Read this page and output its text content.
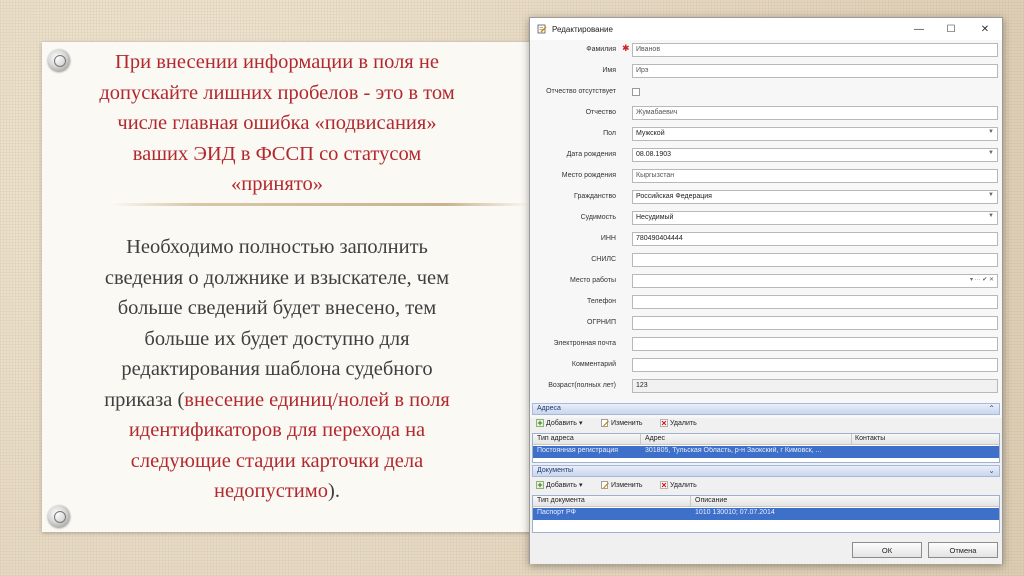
При внесении информации в поля не
допускайте лишних пробелов - это в том
числе главная ошибка «подвисания»
ваших ЭИД в ФССП со статусом
«принято»
Необходимо полностью заполнить
сведения о должнике и взыскателе, чем
больше сведений будет внесено, тем
больше их будет доступно для
редактирования шаблона судебного
приказа (внесение единиц/нолей в поля
идентификаторов для перехода на
следующие стадии карточки дела
недопустимо).
Редактирование	—	☐	✕
Фамилия ✱ Иванов
Имя	Ирэ
Отчество отсутствует
Отчество	Жумабаевич
Пол	Мужской	▼
Дата рождения	08.08.1903	▼
Место рождения	Кыргызстан
Гражданство	Российская Федерация	▼
Судимость	Несудимый	▼
ИНН	780490404444
СНИЛС
Место работы	▾ ··· ✔ ✕
Телефон
ОГРНИП
Электронная почта
Комментарий
Возраст(полных лет)	123
Адреса	⌃
Добавить ▾	Изменить	Удалить
Тип адреса	Адрес	Контакты
Постоянная регистрация	301805, Тульская Область, р-н Заокский, г Кимовск, ...
Документы	⌄
Добавить ▾	Изменить	Удалить
Тип документа	Описание
Паспорт РФ	1010 130010; 07.07.2014
ОК	Отмена
